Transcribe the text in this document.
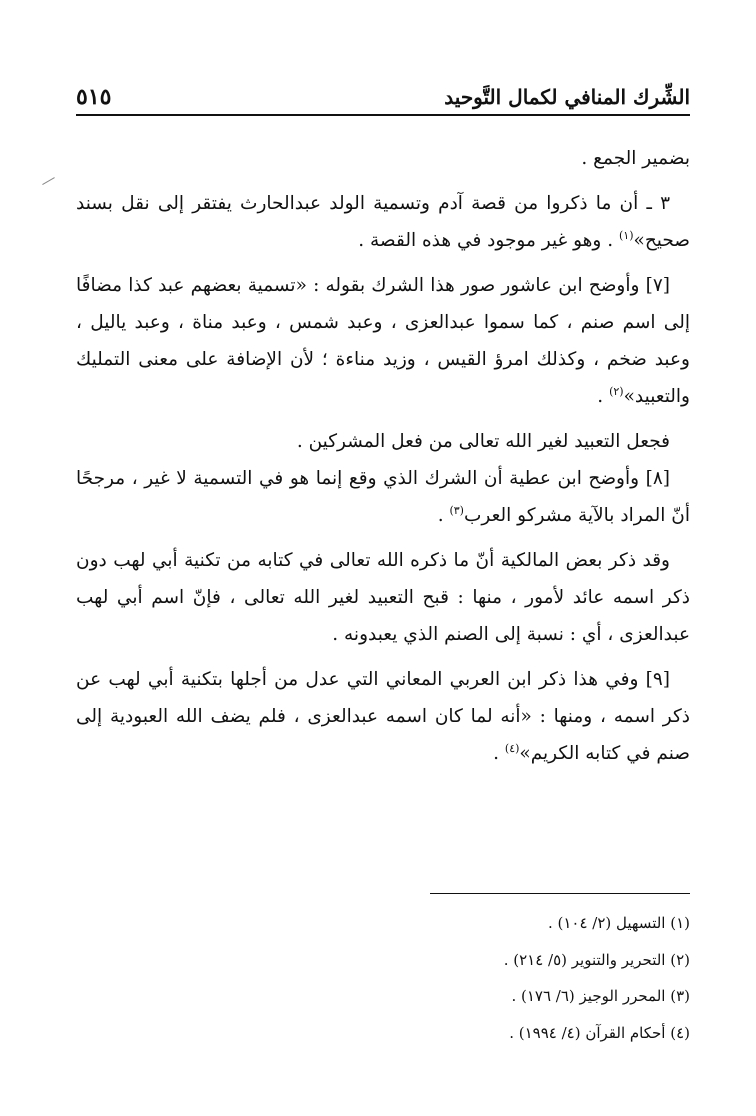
الشِّرك المنافي لكمال التَّوحيد
٥١٥

بضمير الجمع .

٣ ـ أن ما ذكروا من قصة آدم وتسمية الولد عبدالحارث يفتقر إلى نقل بسند صحيح»$^{(١)}$ . وهو غير موجود في هذه القصة .

[٧] وأوضح ابن عاشور صور هذا الشرك بقوله : «تسمية بعضهم عبد كذا مضافًا إلى اسم صنم ، كما سموا عبدالعزى ، وعبد شمس ، وعبد مناة ، وعبد ياليل ، وعبد ضخم ، وكذلك امرؤ القيس ، وزيد مناءة ؛ لأن الإضافة على معنى التمليك والتعبيد»$^{(٢)}$ .

فجعل التعبيد لغير الله تعالى من فعل المشركين .

[٨] وأوضح ابن عطية أن الشرك الذي وقع إنما هو في التسمية لا غير ، مرجحًا أنّ المراد بالآية مشركو العرب$^{(٣)}$ .

وقد ذكر بعض المالكية أنّ ما ذكره الله تعالى في كتابه من تكنية أبي لهب دون ذكر اسمه عائد لأمور ، منها : قبح التعبيد لغير الله تعالى ، فإنّ اسم أبي لهب عبدالعزى ، أي : نسبة إلى الصنم الذي يعبدونه .

[٩] وفي هذا ذكر ابن العربي المعاني التي عدل من أجلها بتكنية أبي لهب عن ذكر اسمه ، ومنها : «أنه لما كان اسمه عبدالعزى ، فلم يضف الله العبودية إلى صنم في كتابه الكريم»$^{(٤)}$ .

(١) التسهيل (٢/ ١٠٤) .

(٢) التحرير والتنوير (٥/ ٢١٤) .

(٣) المحرر الوجيز (٦/ ١٧٦) .

(٤) أحكام القرآن (٤/ ١٩٩٤) .
